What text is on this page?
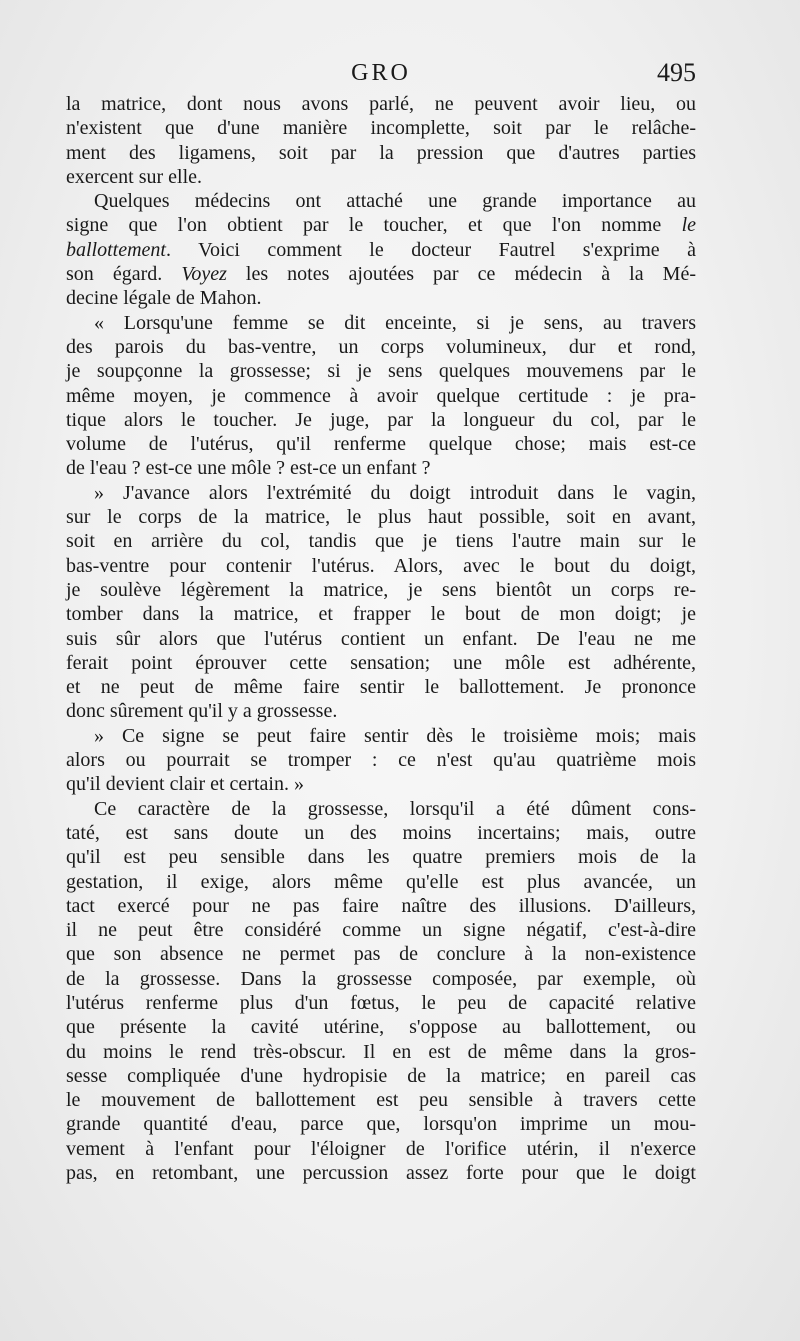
GRO	495

la matrice, dont nous avons parlé, ne peuvent avoir lieu, ou
n'existent que d'une manière incomplette, soit par le relâche-
ment des ligamens, soit par la pression que d'autres parties
exercent sur elle.

Quelques médecins ont attaché une grande importance au
signe que l'on obtient par le toucher, et que l'on nomme le
ballottement. Voici comment le docteur Fautrel s'exprime à
son égard. Voyez les notes ajoutées par ce médecin à la Mé-
decine légale de Mahon.

« Lorsqu'une femme se dit enceinte, si je sens, au travers
des parois du bas-ventre, un corps volumineux, dur et rond,
je soupçonne la grossesse; si je sens quelques mouvemens par le
même moyen, je commence à avoir quelque certitude : je pra-
tique alors le toucher. Je juge, par la longueur du col, par le
volume de l'utérus, qu'il renferme quelque chose; mais est-ce
de l'eau ? est-ce une môle ? est-ce un enfant ?

» J'avance alors l'extrémité du doigt introduit dans le vagin,
sur le corps de la matrice, le plus haut possible, soit en avant,
soit en arrière du col, tandis que je tiens l'autre main sur le
bas-ventre pour contenir l'utérus. Alors, avec le bout du doigt,
je soulève légèrement la matrice, je sens bientôt un corps re-
tomber dans la matrice, et frapper le bout de mon doigt; je
suis sûr alors que l'utérus contient un enfant. De l'eau ne me
ferait point éprouver cette sensation; une môle est adhérente,
et ne peut de même faire sentir le ballottement. Je prononce
donc sûrement qu'il y a grossesse.

» Ce signe se peut faire sentir dès le troisième mois; mais
alors ou pourrait se tromper : ce n'est qu'au quatrième mois
qu'il devient clair et certain. »

Ce caractère de la grossesse, lorsqu'il a été dûment cons-
taté, est sans doute un des moins incertains; mais, outre
qu'il est peu sensible dans les quatre premiers mois de la
gestation, il exige, alors même qu'elle est plus avancée, un
tact exercé pour ne pas faire naître des illusions. D'ailleurs,
il ne peut être considéré comme un signe négatif, c'est-à-dire
que son absence ne permet pas de conclure à la non-existence
de la grossesse. Dans la grossesse composée, par exemple, où
l'utérus renferme plus d'un fœtus, le peu de capacité relative
que présente la cavité utérine, s'oppose au ballottement, ou
du moins le rend très-obscur. Il en est de même dans la gros-
sesse compliquée d'une hydropisie de la matrice; en pareil cas
le mouvement de ballottement est peu sensible à travers cette
grande quantité d'eau, parce que, lorsqu'on imprime un mou-
vement à l'enfant pour l'éloigner de l'orifice utérin, il n'exerce
pas, en retombant, une percussion assez forte pour que le doigt
